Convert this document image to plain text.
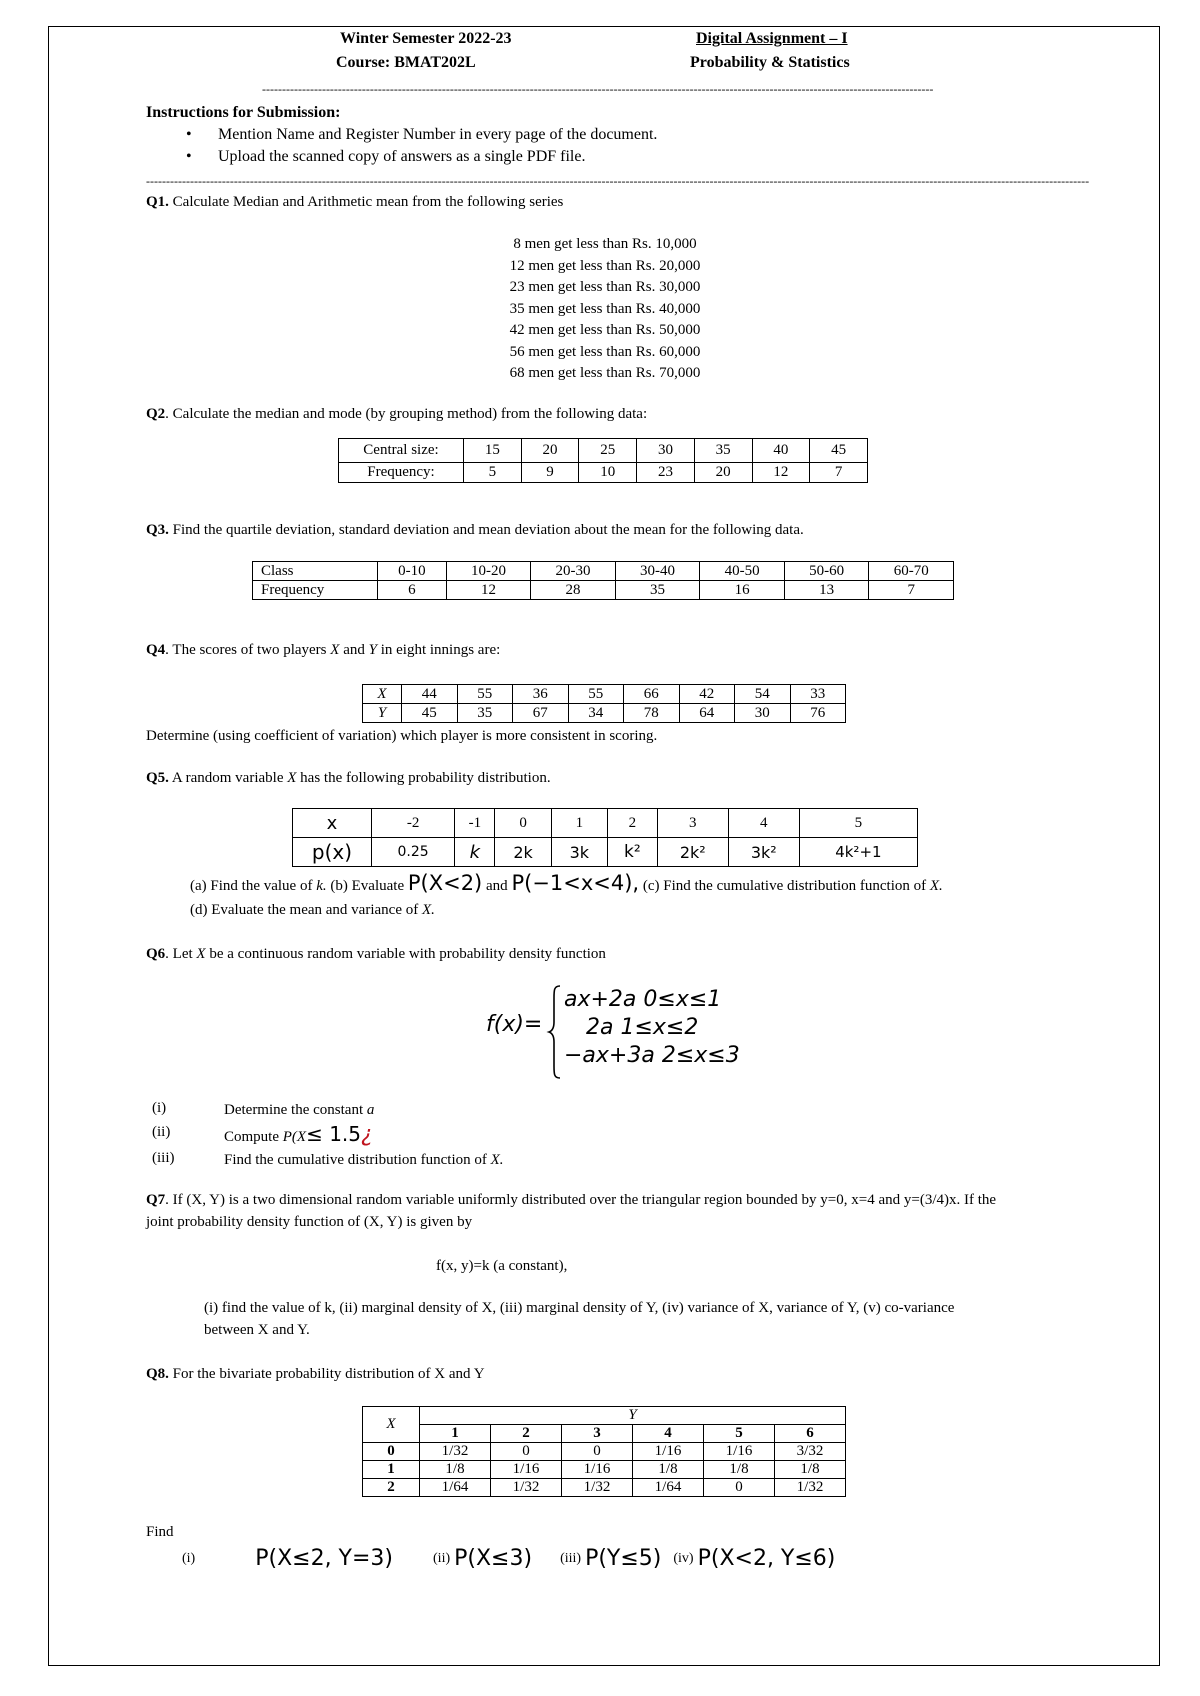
Winter Semester 2022-23
Course: BMAT202L
Digital Assignment – I
Probability & Statistics
------------------------------------------------------------------------------------------------------------------------------------------------------------------------
Instructions for Submission:
• Mention Name and Register Number in every page of the document.
• Upload the scanned copy of answers as a single PDF file.
--------------------------------------------------------------------------------------------------------------------------------------------------------------------------------------------------------------------------------------------
Q1. Calculate Median and Arithmetic mean from the following series
8 men get less than Rs. 10,000
12 men get less than Rs. 20,000
23 men get less than Rs. 30,000
35 men get less than Rs. 40,000
42 men get less than Rs. 50,000
56 men get less than Rs. 60,000
68 men get less than Rs. 70,000
Q2. Calculate the median and mode (by grouping method) from the following data:
Central size:	15	20	25	30	35	40	45
Frequency:	5	9	10	23	20	12	7
Q3. Find the quartile deviation, standard deviation and mean deviation about the mean for the following data.
Class	0-10	10-20	20-30	30-40	40-50	50-60	60-70
Frequency	6	12	28	35	16	13	7
Q4. The scores of two players X and Y in eight innings are:
X	44	55	36	55	66	42	54	33
Y	45	35	67	34	78	64	30	76
Determine (using coefficient of variation) which player is more consistent in scoring.
Q5. A random variable X has the following probability distribution.
x	-2	-1	0	1	2	3	4	5
p(x)	0.25	k	2k	3k	k²	2k²	3k²	4k²+1
(a) Find the value of k. (b) Evaluate P(X<2) and P(−1<x<4), (c) Find the cumulative distribution function of X.
(d) Evaluate the mean and variance of X.
Q6. Let X be a continuous random variable with probability density function
f(x)=
ax+2a 0≤x≤1
2a 1≤x≤2
−ax+3a 2≤x≤3
(i)	Determine the constant a
(ii)	Compute P(X≤ 1.5¿
(iii)	Find the cumulative distribution function of X.
Q7. If (X, Y) is a two dimensional random variable uniformly distributed over the triangular region bounded by y=0, x=4 and y=(3/4)x. If the
joint probability density function of (X, Y) is given by
f(x, y)=k (a constant),
(i) find the value of k, (ii) marginal density of X, (iii) marginal density of Y, (iv) variance of X, variance of Y, (v) co-variance
between X and Y.
Q8. For the bivariate probability distribution of X and Y
X	Y					
	1	2	3	4	5	6
0	1/32	0	0	1/16	1/16	3/32
1	1/8	1/16	1/16	1/8	1/8	1/8
2	1/64	1/32	1/32	1/64	0	1/32
Find
(i)	P(X≤2, Y=3)	(ii) P(X≤3) (iii) P(Y≤5) (iv) P(X<2, Y≤6)
